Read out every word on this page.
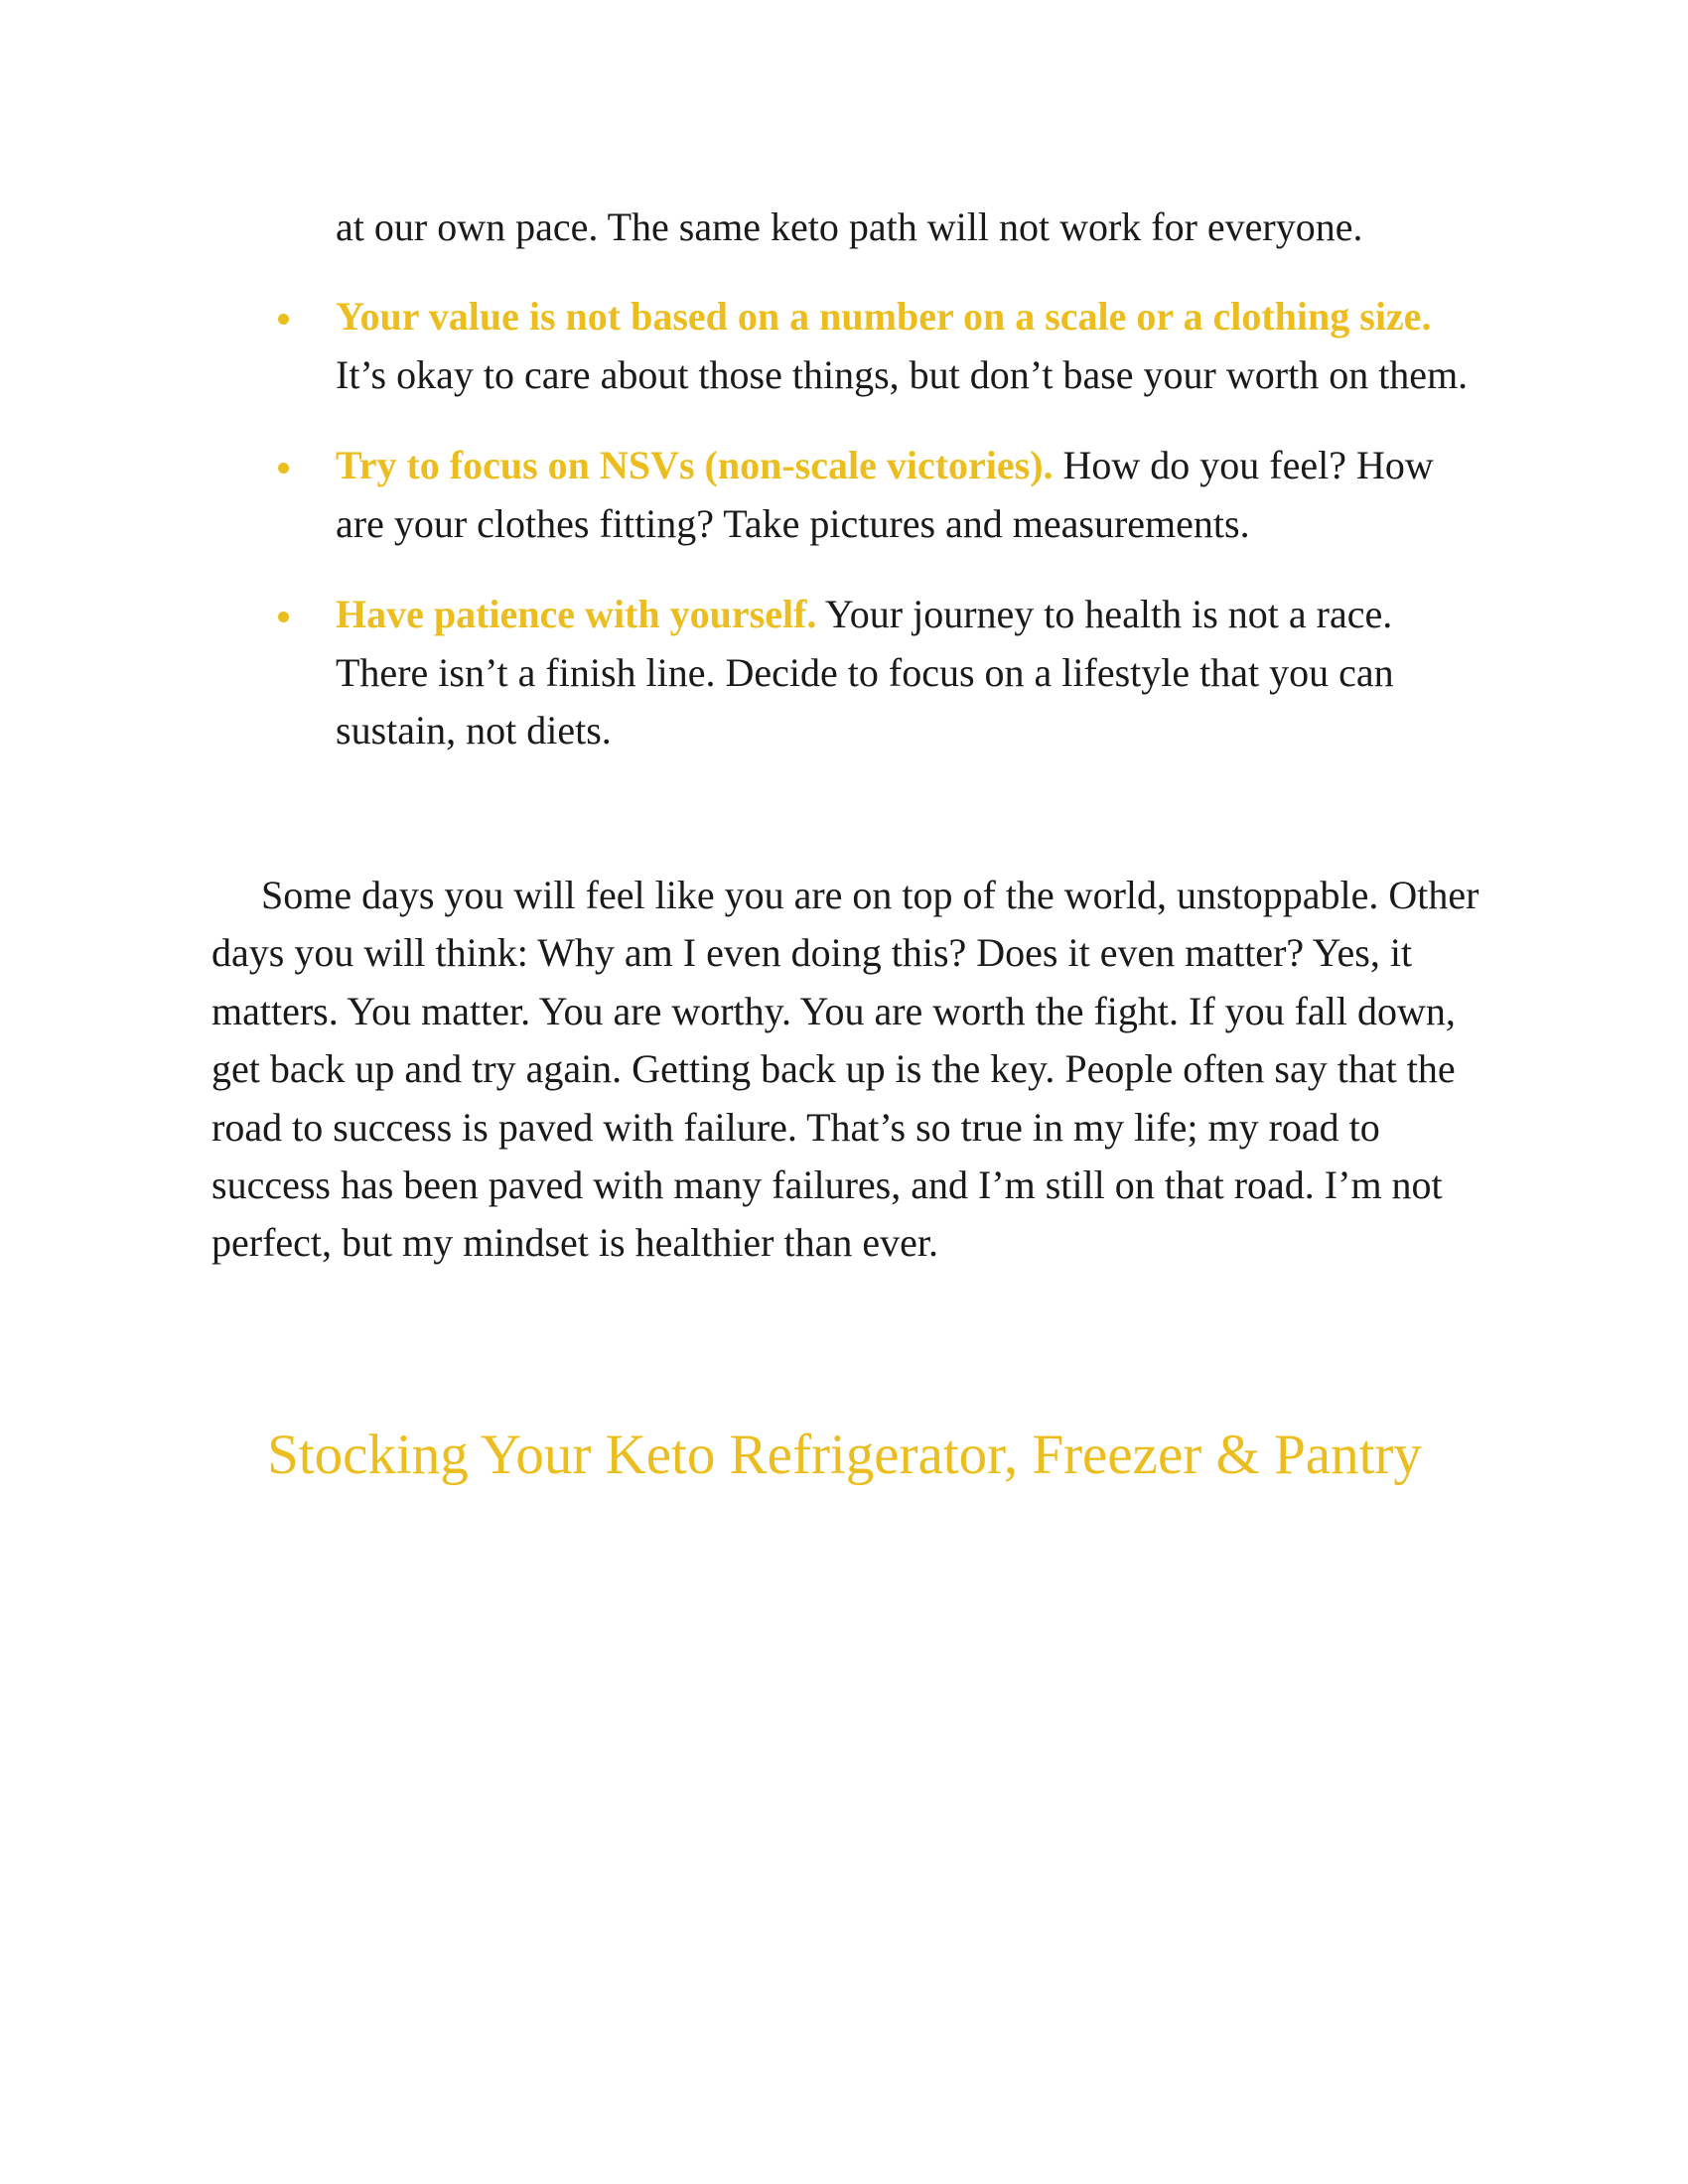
at our own pace. The same keto path will not work for everyone.

Your value is not based on a number on a scale or a clothing size. It’s okay to care about those things, but don’t base your worth on them.
Try to focus on NSVs (non-scale victories). How do you feel? How are your clothes fitting? Take pictures and measurements.
Have patience with yourself. Your journey to health is not a race. There isn’t a finish line. Decide to focus on a lifestyle that you can sustain, not diets.

Some days you will feel like you are on top of the world, unstoppable. Other days you will think: Why am I even doing this? Does it even matter? Yes, it matters. You matter. You are worthy. You are worth the fight. If you fall down, get back up and try again. Getting back up is the key. People often say that the road to success is paved with failure. That’s so true in my life; my road to success has been paved with many failures, and I’m still on that road. I’m not perfect, but my mindset is healthier than ever.

Stocking Your Keto Refrigerator, Freezer & Pantry
